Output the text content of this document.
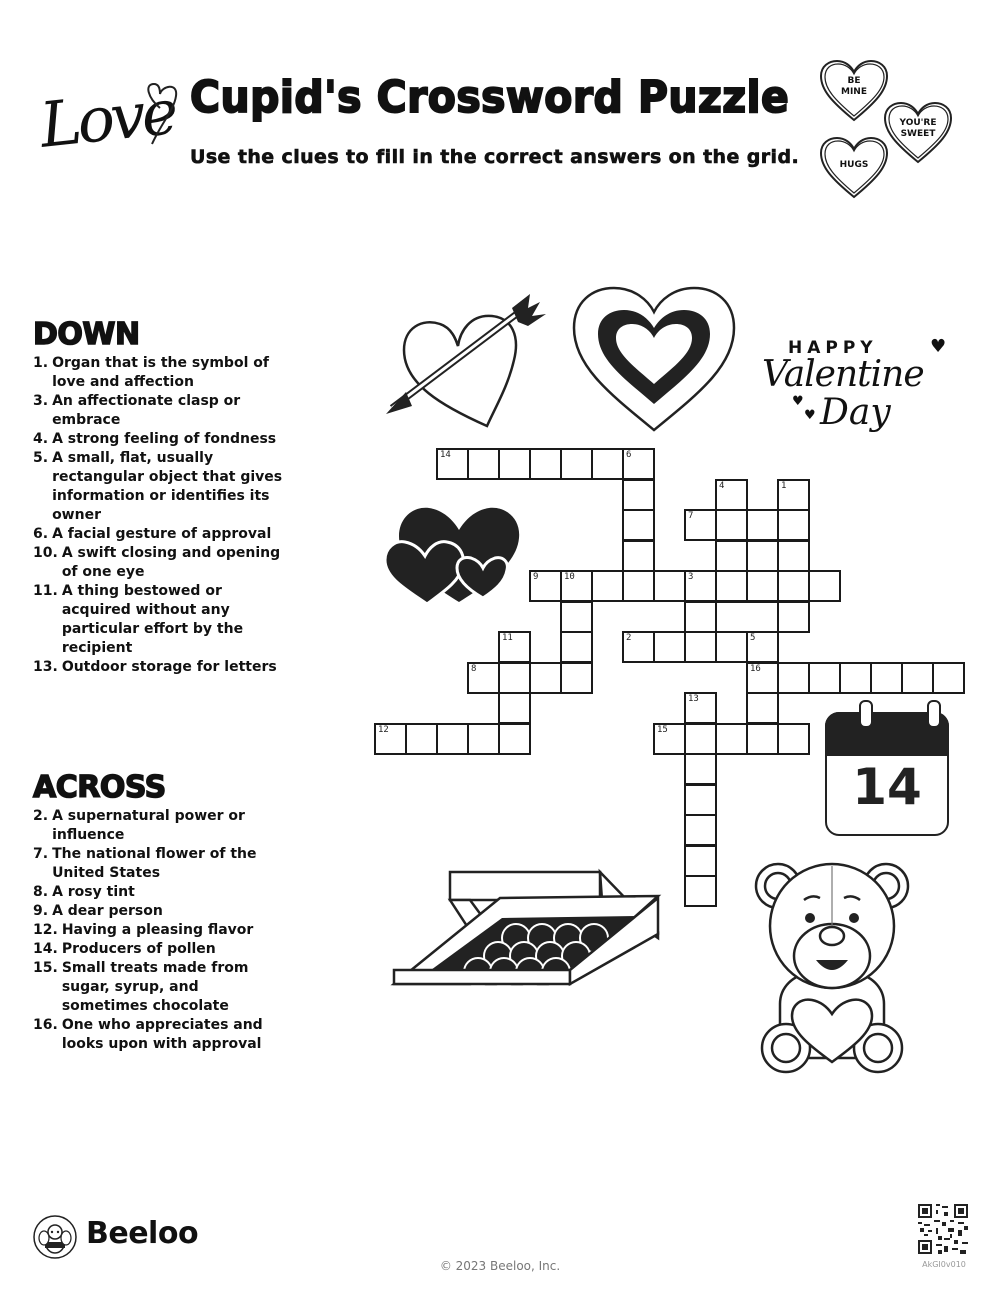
Love Cupid's Crossword Puzzle
Use the clues to fill in the correct answers on the grid.
BE
MINE
YOU'RE
SWEET
HUGS
DOWN
1. Organ that is the symbol of love and affection
3. An affectionate clasp or embrace
4. A strong feeling of fondness
5. A small, flat, usually rectangular object that gives information or identifies its owner
6. A facial gesture of approval
10. A swift closing and opening of one eye
11. A thing bestowed or acquired without any particular effort by the recipient
13. Outdoor storage for letters
ACROSS
2. A supernatural power or influence
7. The national flower of the United States
8. A rosy tint
9. A dear person
12. Having a pleasing flavor
14. Producers of pollen
15. Small treats made from sugar, syrup, and sometimes chocolate
16. One who appreciates and looks upon with approval
HAPPY
Valentine
Day
♥
♥
♥
14
14	6
4	1
7
9	10	3
11	2	5
8	16
13
12	15
Beeloo
© 2023 Beeloo, Inc.	AkGI0v010
